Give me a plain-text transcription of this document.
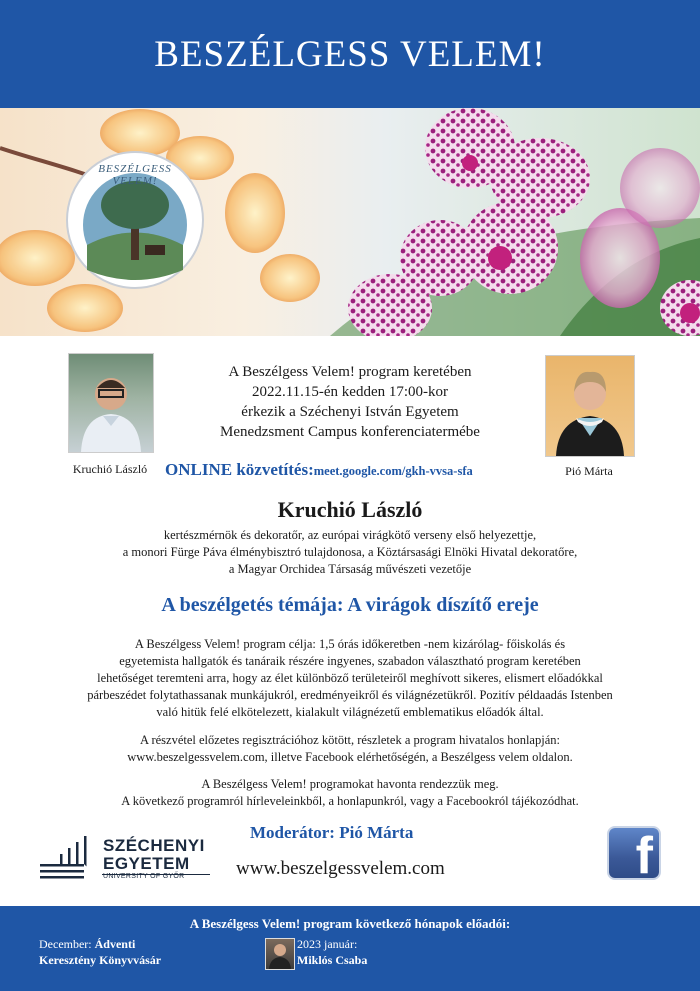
BESZÉLGESS VELEM!
BESZÉLGESS VELEM!
Kruchió László	Pió Márta
A Beszélgess Velem! program keretében
2022.11.15-én kedden 17:00-kor
érkezik a Széchenyi István Egyetem
Menedzsment Campus konferenciatermébe
ONLINE közvetítés:meet.google.com/gkh-vvsa-sfa
Kruchió László
kertészmérnök és dekoratőr, az európai virágkötő verseny első helyezettje,
a monori Fürge Páva élménybisztró tulajdonosa, a Köztársasági Elnöki Hivatal dekoratőre,
a Magyar Orchidea Társaság művészeti vezetője
A beszélgetés témája: A virágok díszítő ereje
A Beszélgess Velem! program célja: 1,5 órás időkeretben -nem kizárólag- főiskolás és
egyetemista hallgatók és tanáraik részére ingyenes, szabadon választható program keretében
lehetőséget teremteni arra, hogy az élet különböző területeiről meghívott sikeres, elismert előadókkal
párbeszédet folytathassanak munkájukról, eredményeikről és világnézetükről. Pozitív példaadás Istenben
való hitük felé elkötelezett, kialakult világnézetű emblematikus előadók által.
A részvétel előzetes regisztrációhoz kötött, részletek a program hivatalos honlapján:
www.beszelgessvelem.com, illetve Facebook elérhetőségén, a Beszélgess velem oldalon.
A Beszélgess Velem! programokat havonta rendezzük meg.
A következő programról hírleveleinkből, a honlapunkról, vagy a Facebookról tájékozódhat.
SZÉCHENYI
EGYETEM
UNIVERSITY OF GYŐR
Moderátor: Pió Márta
www.beszelgessvelem.com	f
A Beszélgess Velem! program következő hónapok előadói:
December: Ádventi
Keresztény Könyvvásár
2023 január:
Miklós Csaba
